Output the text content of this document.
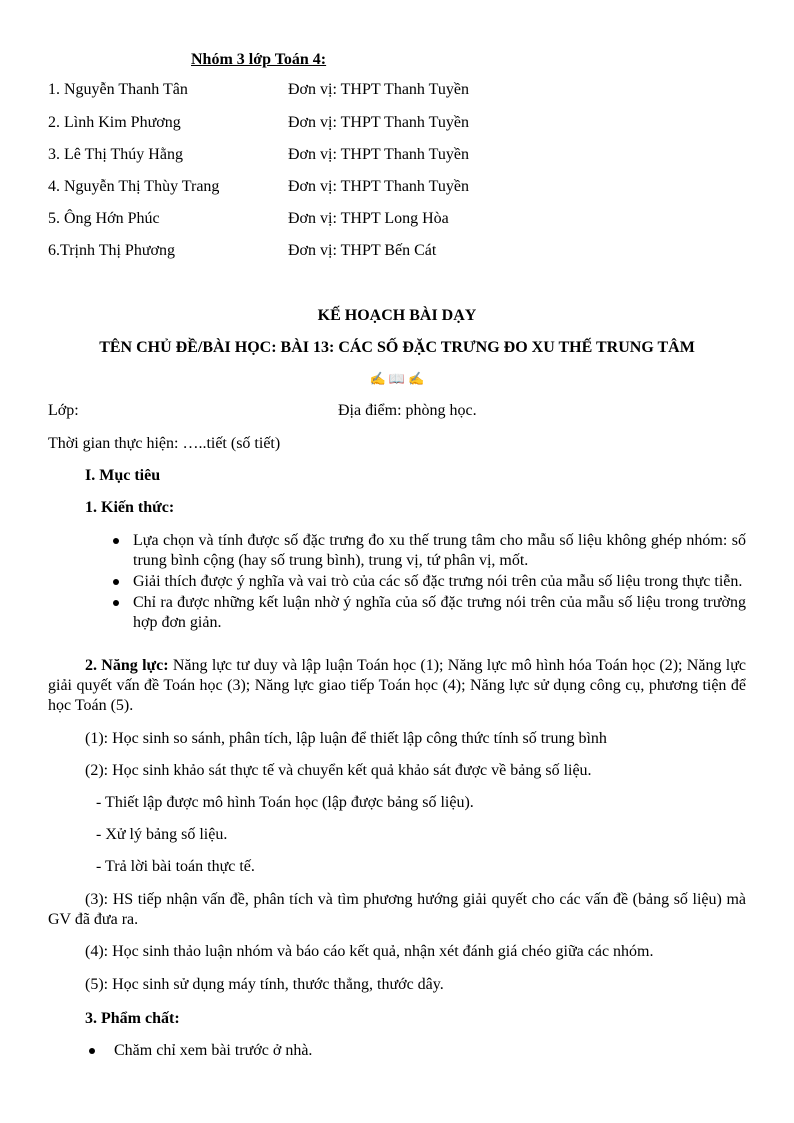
Nhóm 3 lớp Toán 4:
1. Nguyễn Thanh Tân	Đơn vị: THPT Thanh Tuyền
2. Lình Kim Phương	Đơn vị: THPT Thanh Tuyền
3. Lê Thị Thúy Hằng	Đơn vị: THPT Thanh Tuyền
4. Nguyễn Thị Thùy Trang	Đơn vị: THPT Thanh Tuyền
5. Ông Hớn Phúc	Đơn vị: THPT Long Hòa
6.Trịnh Thị Phương	Đơn vị: THPT Bến Cát
KẾ HOẠCH BÀI DẠY
TÊN CHỦ ĐỀ/BÀI HỌC: BÀI 13: CÁC SỐ ĐẶC TRƯNG ĐO XU THẾ TRUNG TÂM
✍ 📖 ✍
Lớp:	Địa điểm: phòng học.
Thời gian thực hiện: …..tiết (số tiết)
I. Mục tiêu
1. Kiến thức:
Lựa chọn và tính được số đặc trưng đo xu thế trung tâm cho mẫu số liệu không ghép nhóm: số trung bình cộng (hay số trung bình), trung vị, tứ phân vị, mốt.
Giải thích được ý nghĩa và vai trò của các số đặc trưng nói trên của mẫu số liệu trong thực tiễn.
Chỉ ra được những kết luận nhờ ý nghĩa của số đặc trưng nói trên của mẫu số liệu trong trường hợp đơn giản.
2. Năng lực: Năng lực tư duy và lập luận Toán học (1); Năng lực mô hình hóa Toán học (2); Năng lực giải quyết vấn đề Toán học (3); Năng lực giao tiếp Toán học (4); Năng lực sử dụng công cụ, phương tiện để học Toán (5).
(1): Học sinh so sánh, phân tích, lập luận để thiết lập công thức tính số trung bình
(2): Học sinh khảo sát thực tế và chuyển kết quả khảo sát được về bảng số liệu.
- Thiết lập được mô hình Toán học (lập được bảng số liệu).
- Xử lý bảng số liệu.
- Trả lời bài toán thực tế.
(3): HS tiếp nhận vấn đề, phân tích và tìm phương hướng giải quyết cho các vấn đề (bảng số liệu) mà GV đã đưa ra.
(4): Học sinh thảo luận nhóm và báo cáo kết quả, nhận xét đánh giá chéo giữa các nhóm.
(5): Học sinh sử dụng máy tính, thước thẳng, thước dây.
3. Phẩm chất:
Chăm chỉ xem bài trước ở nhà.
